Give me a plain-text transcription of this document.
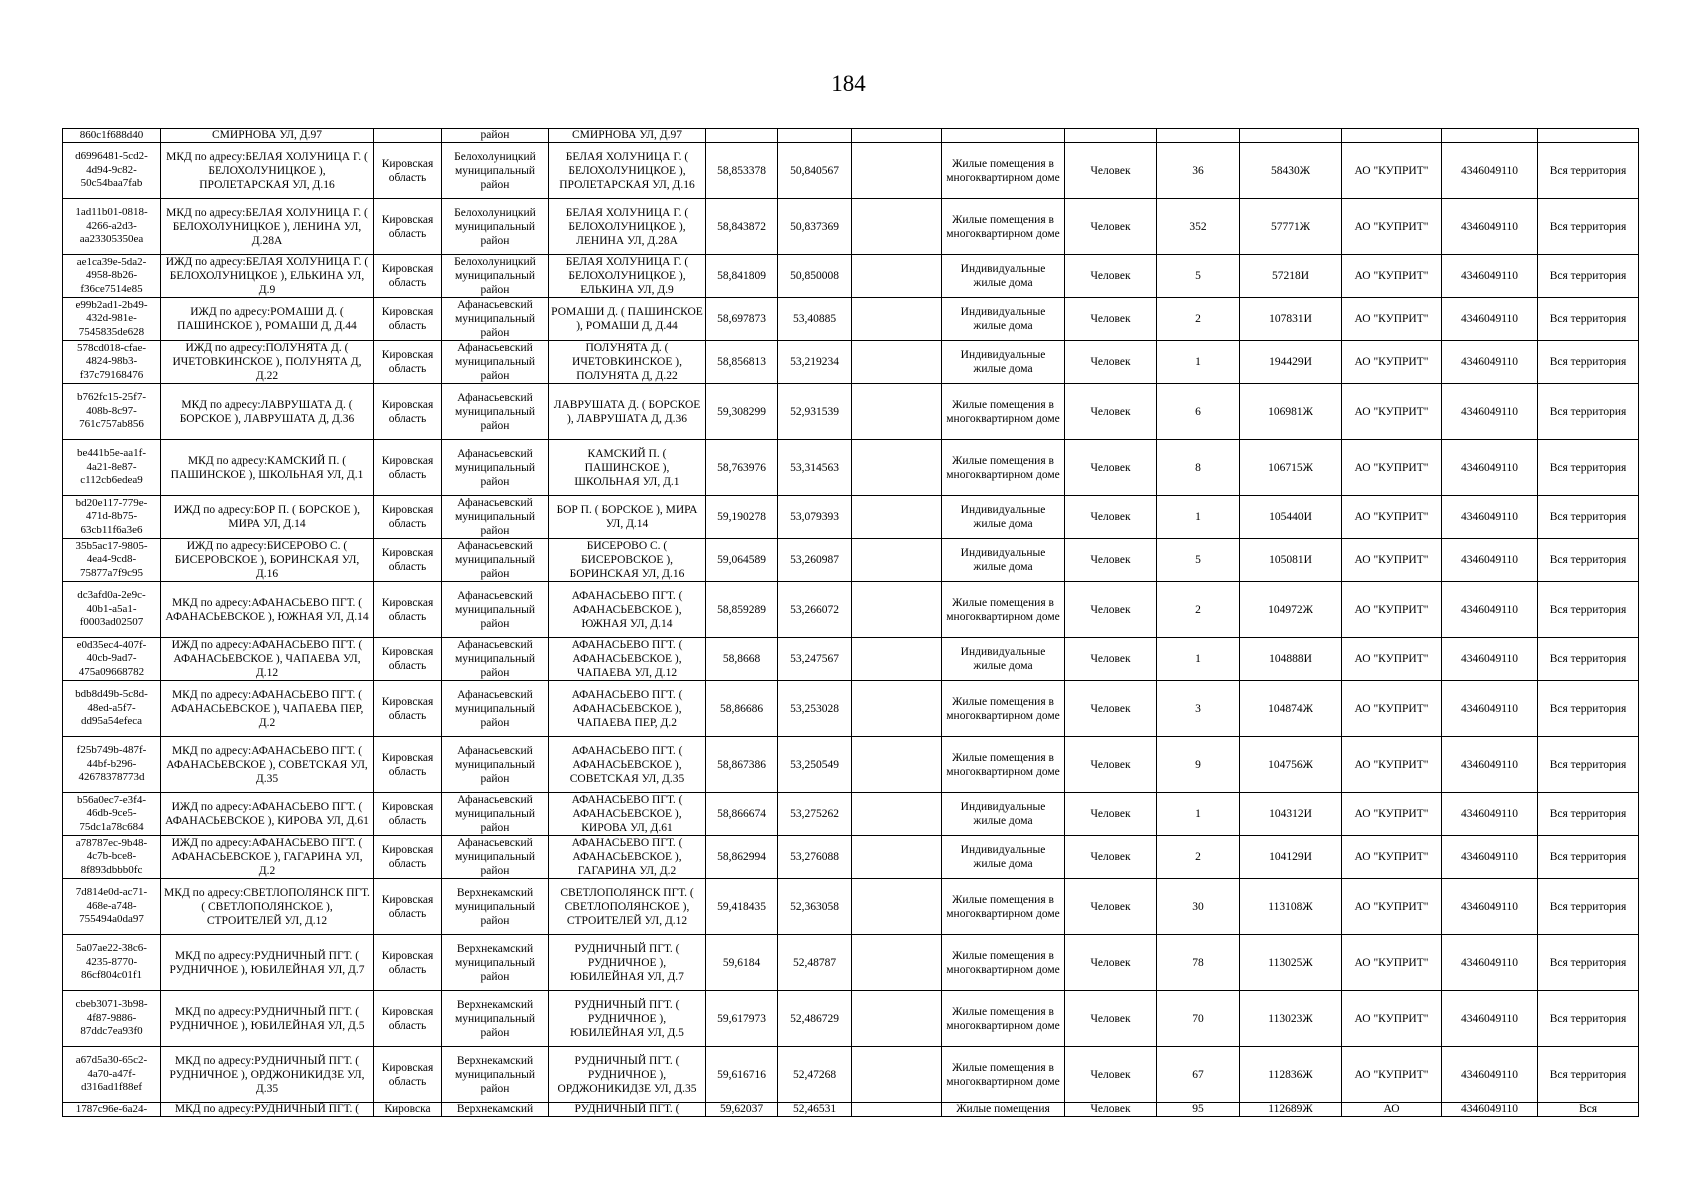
184
860c1f688d40	СМИРНОВА УЛ, Д.97		район	СМИРНОВА УЛ, Д.97										
d6996481-5cd2-4d94-9c82-50c54baa7fab	МКД по адресу:БЕЛАЯ ХОЛУНИЦА Г. ( БЕЛОХОЛУНИЦКОЕ ), ПРОЛЕТАРСКАЯ УЛ, Д.16	Кировская область	Белохолуницкий муниципальный район	БЕЛАЯ ХОЛУНИЦА Г. ( БЕЛОХОЛУНИЦКОЕ ), ПРОЛЕТАРСКАЯ УЛ, Д.16	58,853378	50,840567		Жилые помещения в многоквартирном доме	Человек	36	58430Ж	АО "КУПРИТ"	4346049110	Вся территория
1ad11b01-0818-4266-a2d3-aa23305350ea	МКД по адресу:БЕЛАЯ ХОЛУНИЦА Г. ( БЕЛОХОЛУНИЦКОЕ ), ЛЕНИНА УЛ, Д.28А	Кировская область	Белохолуницкий муниципальный район	БЕЛАЯ ХОЛУНИЦА Г. ( БЕЛОХОЛУНИЦКОЕ ), ЛЕНИНА УЛ, Д.28А	58,843872	50,837369		Жилые помещения в многоквартирном доме	Человек	352	57771Ж	АО "КУПРИТ"	4346049110	Вся территория
ae1ca39e-5da2-4958-8b26-f36ce7514e85	ИЖД по адресу:БЕЛАЯ ХОЛУНИЦА Г. ( БЕЛОХОЛУНИЦКОЕ ), ЕЛЬКИНА УЛ, Д.9	Кировская область	Белохолуницкий муниципальный район	БЕЛАЯ ХОЛУНИЦА Г. ( БЕЛОХОЛУНИЦКОЕ ), ЕЛЬКИНА УЛ, Д.9	58,841809	50,850008		Индивидуальные жилые дома	Человек	5	57218И	АО "КУПРИТ"	4346049110	Вся территория
e99b2ad1-2b49-432d-981e-7545835de628	ИЖД по адресу:РОМАШИ Д. ( ПАШИНСКОЕ ), РОМАШИ Д, Д.44	Кировская область	Афанасьевский муниципальный район	РОМАШИ Д. ( ПАШИНСКОЕ ), РОМАШИ Д, Д.44	58,697873	53,40885		Индивидуальные жилые дома	Человек	2	107831И	АО "КУПРИТ"	4346049110	Вся территория
578cd018-cfae-4824-98b3-f37c79168476	ИЖД по адресу:ПОЛУНЯТА Д. ( ИЧЕТОВКИНСКОЕ ), ПОЛУНЯТА Д, Д.22	Кировская область	Афанасьевский муниципальный район	ПОЛУНЯТА Д. ( ИЧЕТОВКИНСКОЕ ), ПОЛУНЯТА Д, Д.22	58,856813	53,219234		Индивидуальные жилые дома	Человек	1	194429И	АО "КУПРИТ"	4346049110	Вся территория
b762fc15-25f7-408b-8c97-761c757ab856	МКД по адресу:ЛАВРУШАТА Д. ( БОРСКОЕ ), ЛАВРУШАТА Д, Д.36	Кировская область	Афанасьевский муниципальный район	ЛАВРУШАТА Д. ( БОРСКОЕ ), ЛАВРУШАТА Д, Д.36	59,308299	52,931539		Жилые помещения в многоквартирном доме	Человек	6	106981Ж	АО "КУПРИТ"	4346049110	Вся территория
be441b5e-aa1f-4a21-8e87-c112cb6edea9	МКД по адресу:КАМСКИЙ П. ( ПАШИНСКОЕ ), ШКОЛЬНАЯ УЛ, Д.1	Кировская область	Афанасьевский муниципальный район	КАМСКИЙ П. ( ПАШИНСКОЕ ), ШКОЛЬНАЯ УЛ, Д.1	58,763976	53,314563		Жилые помещения в многоквартирном доме	Человек	8	106715Ж	АО "КУПРИТ"	4346049110	Вся территория
bd20e117-779e-471d-8b75-63cb11f6a3e6	ИЖД по адресу:БОР П. ( БОРСКОЕ ), МИРА УЛ, Д.14	Кировская область	Афанасьевский муниципальный район	БОР П. ( БОРСКОЕ ), МИРА УЛ, Д.14	59,190278	53,079393		Индивидуальные жилые дома	Человек	1	105440И	АО "КУПРИТ"	4346049110	Вся территория
35b5ac17-9805-4ea4-9cd8-75877a7f9c95	ИЖД по адресу:БИСЕРОВО С. ( БИСЕРОВСКОЕ ), БОРИНСКАЯ УЛ, Д.16	Кировская область	Афанасьевский муниципальный район	БИСЕРОВО С. ( БИСЕРОВСКОЕ ), БОРИНСКАЯ УЛ, Д.16	59,064589	53,260987		Индивидуальные жилые дома	Человек	5	105081И	АО "КУПРИТ"	4346049110	Вся территория
dc3afd0a-2e9c-40b1-a5a1-f0003ad02507	МКД по адресу:АФАНАСЬЕВО ПГТ. ( АФАНАСЬЕВСКОЕ ), ЮЖНАЯ УЛ, Д.14	Кировская область	Афанасьевский муниципальный район	АФАНАСЬЕВО ПГТ. ( АФАНАСЬЕВСКОЕ ), ЮЖНАЯ УЛ, Д.14	58,859289	53,266072		Жилые помещения в многоквартирном доме	Человек	2	104972Ж	АО "КУПРИТ"	4346049110	Вся территория
e0d35ec4-407f-40cb-9ad7-475a09668782	ИЖД по адресу:АФАНАСЬЕВО ПГТ. ( АФАНАСЬЕВСКОЕ ), ЧАПАЕВА УЛ, Д.12	Кировская область	Афанасьевский муниципальный район	АФАНАСЬЕВО ПГТ. ( АФАНАСЬЕВСКОЕ ), ЧАПАЕВА УЛ, Д.12	58,8668	53,247567		Индивидуальные жилые дома	Человек	1	104888И	АО "КУПРИТ"	4346049110	Вся территория
bdb8d49b-5c8d-48ed-a5f7-dd95a54efeca	МКД по адресу:АФАНАСЬЕВО ПГТ. ( АФАНАСЬЕВСКОЕ ), ЧАПАЕВА ПЕР, Д.2	Кировская область	Афанасьевский муниципальный район	АФАНАСЬЕВО ПГТ. ( АФАНАСЬЕВСКОЕ ), ЧАПАЕВА ПЕР, Д.2	58,86686	53,253028		Жилые помещения в многоквартирном доме	Человек	3	104874Ж	АО "КУПРИТ"	4346049110	Вся территория
f25b749b-487f-44bf-b296-42678378773d	МКД по адресу:АФАНАСЬЕВО ПГТ. ( АФАНАСЬЕВСКОЕ ), СОВЕТСКАЯ УЛ, Д.35	Кировская область	Афанасьевский муниципальный район	АФАНАСЬЕВО ПГТ. ( АФАНАСЬЕВСКОЕ ), СОВЕТСКАЯ УЛ, Д.35	58,867386	53,250549		Жилые помещения в многоквартирном доме	Человек	9	104756Ж	АО "КУПРИТ"	4346049110	Вся территория
b56a0ec7-e3f4-46db-9ce5-75dc1a78c684	ИЖД по адресу:АФАНАСЬЕВО ПГТ. ( АФАНАСЬЕВСКОЕ ), КИРОВА УЛ, Д.61	Кировская область	Афанасьевский муниципальный район	АФАНАСЬЕВО ПГТ. ( АФАНАСЬЕВСКОЕ ), КИРОВА УЛ, Д.61	58,866674	53,275262		Индивидуальные жилые дома	Человек	1	104312И	АО "КУПРИТ"	4346049110	Вся территория
a78787ec-9b48-4c7b-bce8-8f893dbbb0fc	ИЖД по адресу:АФАНАСЬЕВО ПГТ. ( АФАНАСЬЕВСКОЕ ), ГАГАРИНА УЛ, Д.2	Кировская область	Афанасьевский муниципальный район	АФАНАСЬЕВО ПГТ. ( АФАНАСЬЕВСКОЕ ), ГАГАРИНА УЛ, Д.2	58,862994	53,276088		Индивидуальные жилые дома	Человек	2	104129И	АО "КУПРИТ"	4346049110	Вся территория
7d814e0d-ac71-468e-a748-755494a0da97	МКД по адресу:СВЕТЛОПОЛЯНСК ПГТ. ( СВЕТЛОПОЛЯНСКОЕ ), СТРОИТЕЛЕЙ УЛ, Д.12	Кировская область	Верхнекамский муниципальный район	СВЕТЛОПОЛЯНСК ПГТ. ( СВЕТЛОПОЛЯНСКОЕ ), СТРОИТЕЛЕЙ УЛ, Д.12	59,418435	52,363058		Жилые помещения в многоквартирном доме	Человек	30	113108Ж	АО "КУПРИТ"	4346049110	Вся территория
5a07ae22-38c6-4235-8770-86cf804c01f1	МКД по адресу:РУДНИЧНЫЙ ПГТ. ( РУДНИЧНОЕ ), ЮБИЛЕЙНАЯ УЛ, Д.7	Кировская область	Верхнекамский муниципальный район	РУДНИЧНЫЙ ПГТ. ( РУДНИЧНОЕ ), ЮБИЛЕЙНАЯ УЛ, Д.7	59,6184	52,48787		Жилые помещения в многоквартирном доме	Человек	78	113025Ж	АО "КУПРИТ"	4346049110	Вся территория
cbeb3071-3b98-4f87-9886-87ddc7ea93f0	МКД по адресу:РУДНИЧНЫЙ ПГТ. ( РУДНИЧНОЕ ), ЮБИЛЕЙНАЯ УЛ, Д.5	Кировская область	Верхнекамский муниципальный район	РУДНИЧНЫЙ ПГТ. ( РУДНИЧНОЕ ), ЮБИЛЕЙНАЯ УЛ, Д.5	59,617973	52,486729		Жилые помещения в многоквартирном доме	Человек	70	113023Ж	АО "КУПРИТ"	4346049110	Вся территория
a67d5a30-65c2-4a70-a47f-d316ad1f88ef	МКД по адресу:РУДНИЧНЫЙ ПГТ. ( РУДНИЧНОЕ ), ОРДЖОНИКИДЗЕ УЛ, Д.35	Кировская область	Верхнекамский муниципальный район	РУДНИЧНЫЙ ПГТ. ( РУДНИЧНОЕ ), ОРДЖОНИКИДЗЕ УЛ, Д.35	59,616716	52,47268		Жилые помещения в многоквартирном доме	Человек	67	112836Ж	АО "КУПРИТ"	4346049110	Вся территория
1787c96e-6a24-	МКД по адресу:РУДНИЧНЫЙ ПГТ. (	Кировска	Верхнекамский	РУДНИЧНЫЙ ПГТ. (	59,62037	52,46531		Жилые помещения	Человек	95	112689Ж	АО	4346049110	Вся
